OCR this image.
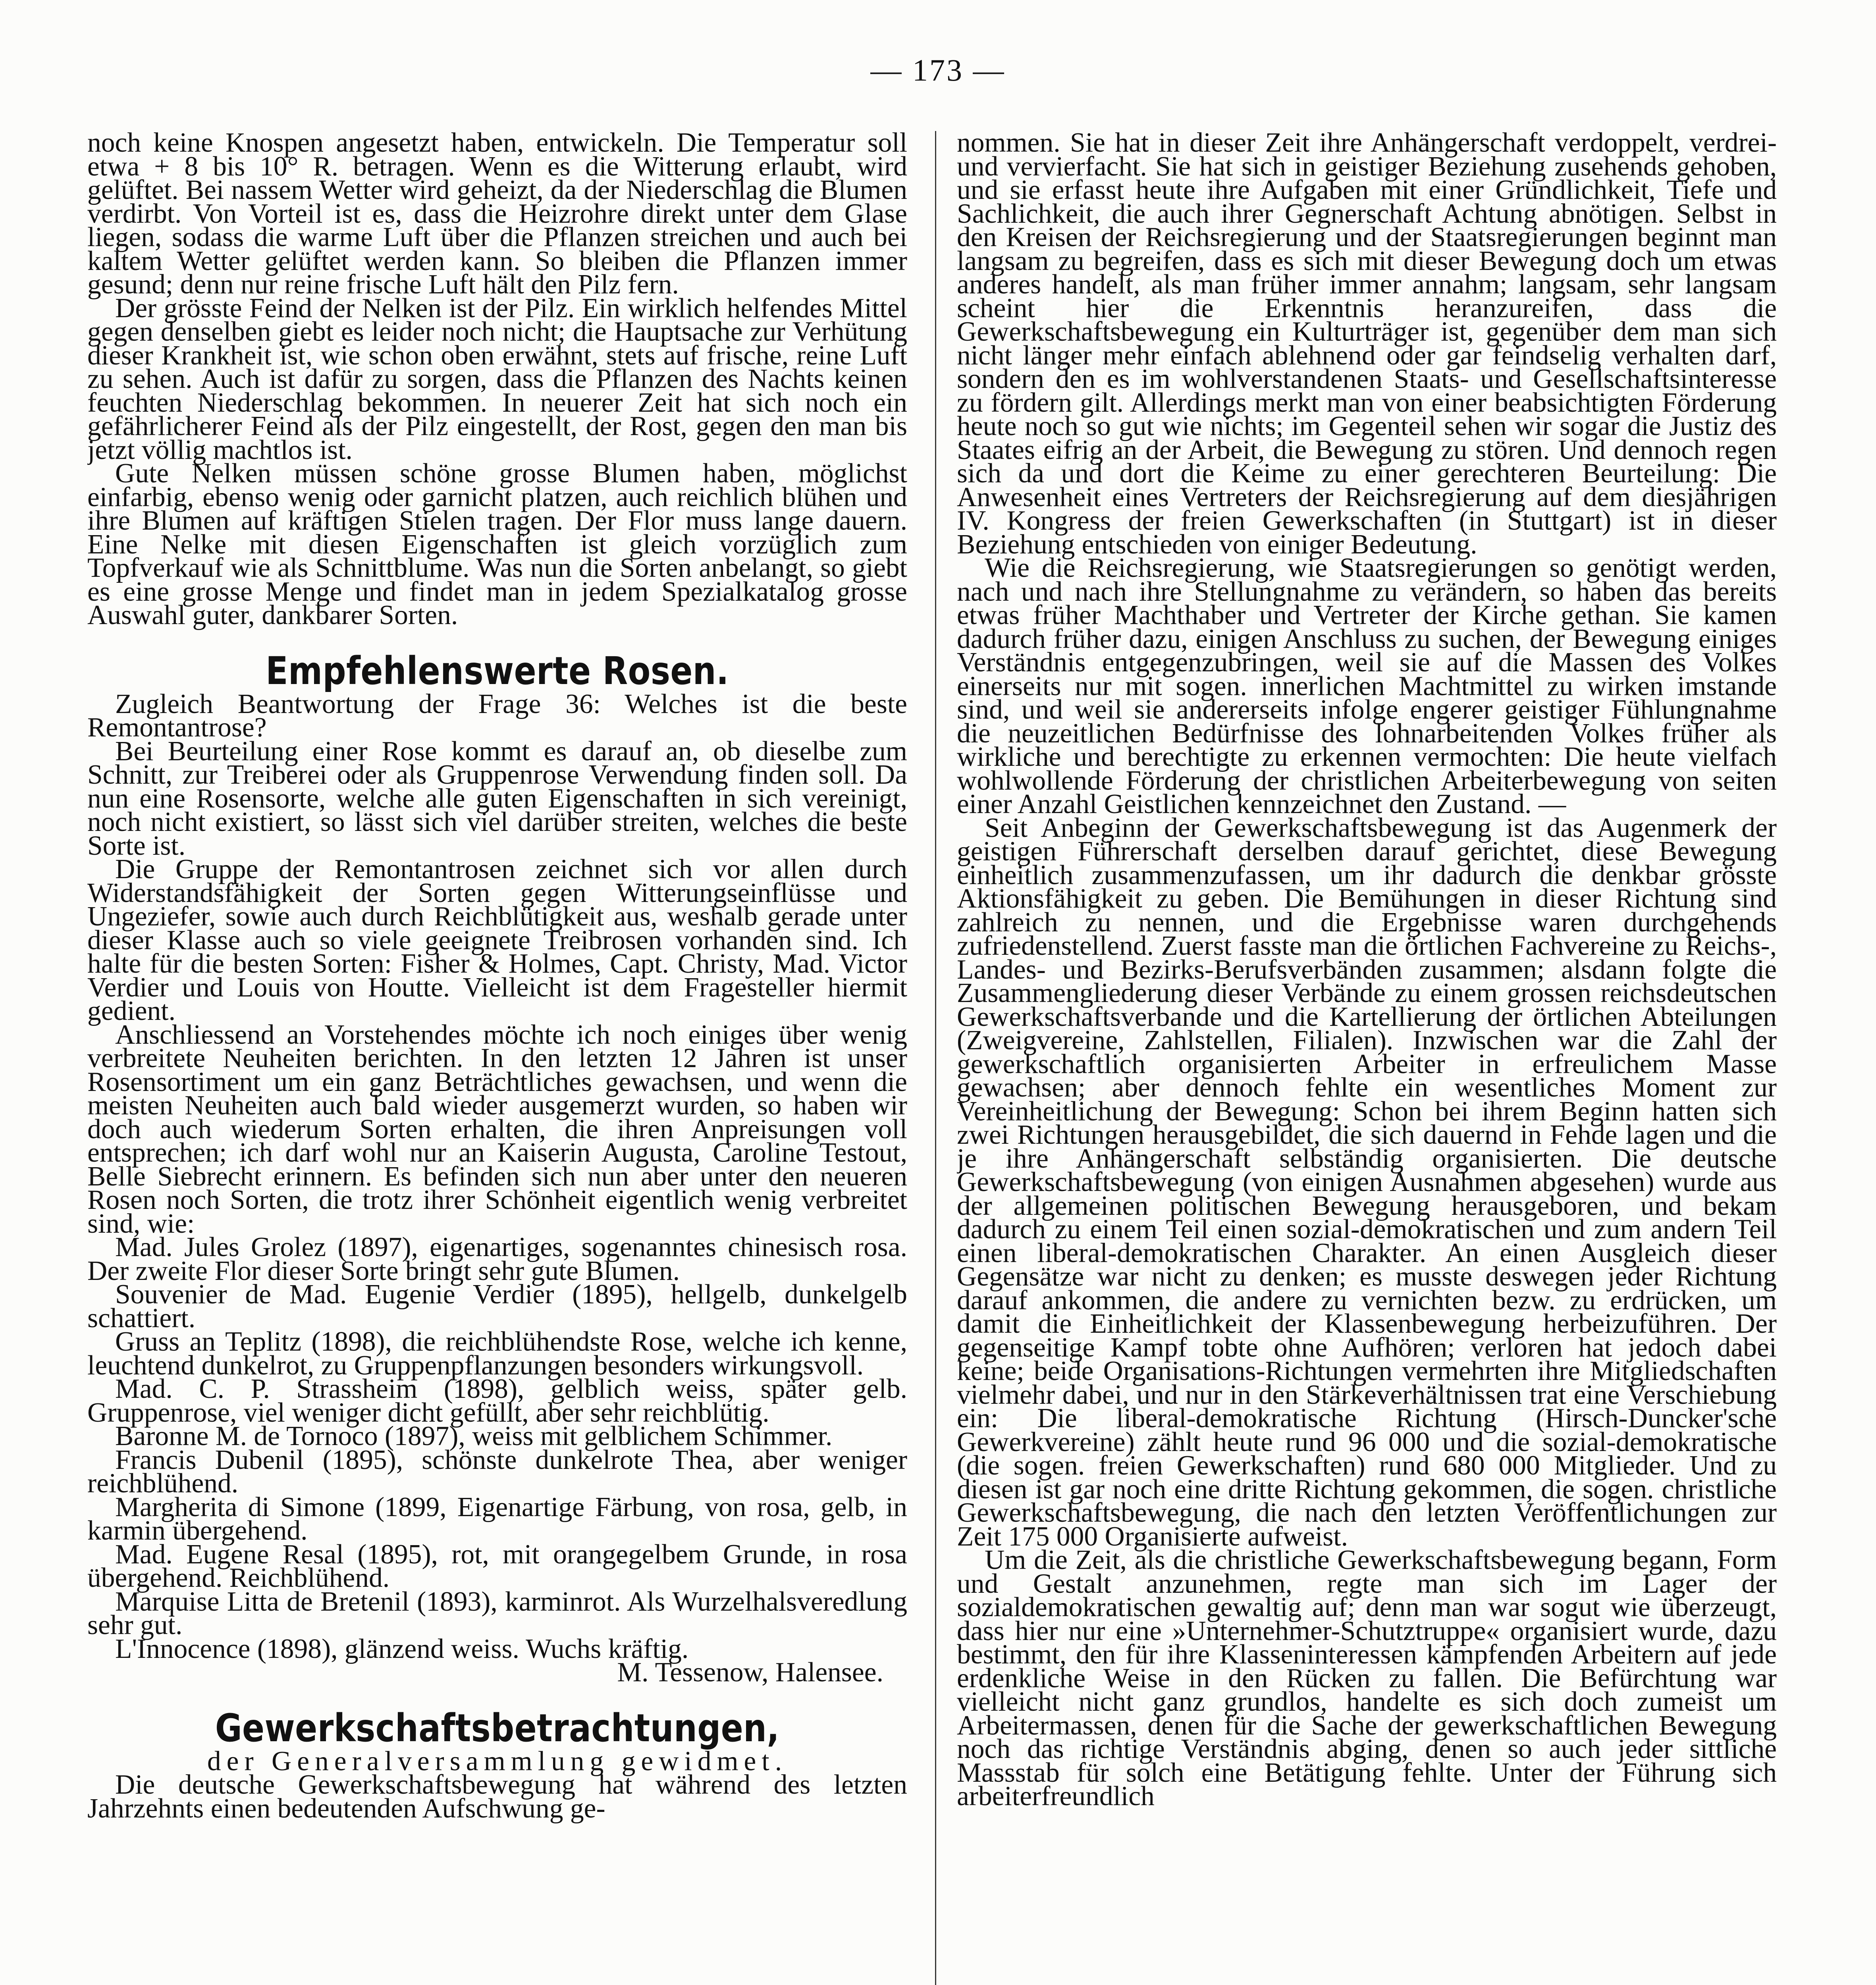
— 173 —

noch keine Knospen angesetzt haben, entwickeln. Die Temperatur soll etwa + 8 bis 10° R. betragen. Wenn es die Witterung erlaubt, wird gelüftet. Bei nassem Wetter wird geheizt, da der Niederschlag die Blumen verdirbt. Von Vorteil ist es, dass die Heizrohre direkt unter dem Glase liegen, sodass die warme Luft über die Pflanzen streichen und auch bei kaltem Wetter gelüftet werden kann. So bleiben die Pflanzen immer gesund; denn nur reine frische Luft hält den Pilz fern.

Der grösste Feind der Nelken ist der Pilz. Ein wirklich helfendes Mittel gegen denselben giebt es leider noch nicht; die Hauptsache zur Verhütung dieser Krankheit ist, wie schon oben erwähnt, stets auf frische, reine Luft zu sehen. Auch ist dafür zu sorgen, dass die Pflanzen des Nachts keinen feuchten Niederschlag bekommen. In neuerer Zeit hat sich noch ein gefährlicherer Feind als der Pilz eingestellt, der Rost, gegen den man bis jetzt völlig machtlos ist.

Gute Nelken müssen schöne grosse Blumen haben, möglichst einfarbig, ebenso wenig oder garnicht platzen, auch reichlich blühen und ihre Blumen auf kräftigen Stielen tragen. Der Flor muss lange dauern. Eine Nelke mit diesen Eigenschaften ist gleich vorzüglich zum Topfverkauf wie als Schnittblume. Was nun die Sorten anbelangt, so giebt es eine grosse Menge und findet man in jedem Spezialkatalog grosse Auswahl guter, dankbarer Sorten.

Empfehlenswerte Rosen.

Zugleich Beantwortung der Frage 36: Welches ist die beste Remontantrose?

Bei Beurteilung einer Rose kommt es darauf an, ob dieselbe zum Schnitt, zur Treiberei oder als Gruppenrose Verwendung finden soll. Da nun eine Rosensorte, welche alle guten Eigenschaften in sich vereinigt, noch nicht existiert, so lässt sich viel darüber streiten, welches die beste Sorte ist.

Die Gruppe der Remontantrosen zeichnet sich vor allen durch Widerstandsfähigkeit der Sorten gegen Witterungseinflüsse und Ungeziefer, sowie auch durch Reichblütigkeit aus, weshalb gerade unter dieser Klasse auch so viele geeignete Treibrosen vorhanden sind. Ich halte für die besten Sorten: Fisher & Holmes, Capt. Christy, Mad. Victor Verdier und Louis von Houtte. Vielleicht ist dem Fragesteller hiermit gedient.

Anschliessend an Vorstehendes möchte ich noch einiges über wenig verbreitete Neuheiten berichten. In den letzten 12 Jahren ist unser Rosensortiment um ein ganz Beträchtliches gewachsen, und wenn die meisten Neuheiten auch bald wieder ausgemerzt wurden, so haben wir doch auch wiederum Sorten erhalten, die ihren Anpreisungen voll entsprechen; ich darf wohl nur an Kaiserin Augusta, Caroline Testout, Belle Siebrecht erinnern. Es befinden sich nun aber unter den neueren Rosen noch Sorten, die trotz ihrer Schönheit eigentlich wenig verbreitet sind, wie:

Mad. Jules Grolez (1897), eigenartiges, sogenanntes chinesisch rosa. Der zweite Flor dieser Sorte bringt sehr gute Blumen.

Souvenier de Mad. Eugenie Verdier (1895), hellgelb, dunkelgelb schattiert.

Gruss an Teplitz (1898), die reichblühendste Rose, welche ich kenne, leuchtend dunkelrot, zu Gruppenpflanzungen besonders wirkungsvoll.

Mad. C. P. Strassheim (1898), gelblich weiss, später gelb. Gruppenrose, viel weniger dicht gefüllt, aber sehr reichblütig.

Baronne M. de Tornoco (1897), weiss mit gelblichem Schimmer.

Francis Dubenil (1895), schönste dunkelrote Thea, aber weniger reichblühend.

Margherita di Simone (1899, Eigenartige Färbung, von rosa, gelb, in karmin übergehend.

Mad. Eugene Resal (1895), rot, mit orangegelbem Grunde, in rosa übergehend. Reichblühend.

Marquise Litta de Bretenil (1893), karminrot. Als Wurzelhalsveredlung sehr gut.

L'Innocence (1898), glänzend weiss. Wuchs kräftig.

M. Tessenow, Halensee.

Gewerkschaftsbetrachtungen,

der Generalversammlung gewidmet.

Die deutsche Gewerkschaftsbewegung hat während des letzten Jahrzehnts einen bedeutenden Aufschwung ge-

nommen. Sie hat in dieser Zeit ihre Anhängerschaft verdoppelt, verdrei- und vervierfacht. Sie hat sich in geistiger Beziehung zusehends gehoben, und sie erfasst heute ihre Aufgaben mit einer Gründlichkeit, Tiefe und Sachlichkeit, die auch ihrer Gegnerschaft Achtung abnötigen. Selbst in den Kreisen der Reichsregierung und der Staatsregierungen beginnt man langsam zu begreifen, dass es sich mit dieser Bewegung doch um etwas anderes handelt, als man früher immer annahm; langsam, sehr langsam scheint hier die Erkenntnis heranzureifen, dass die Gewerkschaftsbewegung ein Kulturträger ist, gegenüber dem man sich nicht länger mehr einfach ablehnend oder gar feindselig verhalten darf, sondern den es im wohlverstandenen Staats- und Gesellschaftsinteresse zu fördern gilt. Allerdings merkt man von einer beabsichtigten Förderung heute noch so gut wie nichts; im Gegenteil sehen wir sogar die Justiz des Staates eifrig an der Arbeit, die Bewegung zu stören. Und dennoch regen sich da und dort die Keime zu einer gerechteren Beurteilung: Die Anwesenheit eines Vertreters der Reichsregierung auf dem diesjährigen IV. Kongress der freien Gewerkschaften (in Stuttgart) ist in dieser Beziehung entschieden von einiger Bedeutung.

Wie die Reichsregierung, wie Staatsregierungen so genötigt werden, nach und nach ihre Stellungnahme zu verändern, so haben das bereits etwas früher Machthaber und Vertreter der Kirche gethan. Sie kamen dadurch früher dazu, einigen Anschluss zu suchen, der Bewegung einiges Verständnis entgegenzubringen, weil sie auf die Massen des Volkes einerseits nur mit sogen. innerlichen Machtmittel zu wirken imstande sind, und weil sie andererseits infolge engerer geistiger Fühlungnahme die neuzeitlichen Bedürfnisse des lohnarbeitenden Volkes früher als wirkliche und berechtigte zu erkennen vermochten: Die heute vielfach wohlwollende Förderung der christlichen Arbeiterbewegung von seiten einer Anzahl Geistlichen kennzeichnet den Zustand. —

Seit Anbeginn der Gewerkschaftsbewegung ist das Augenmerk der geistigen Führerschaft derselben darauf gerichtet, diese Bewegung einheitlich zusammenzufassen, um ihr dadurch die denkbar grösste Aktionsfähigkeit zu geben. Die Bemühungen in dieser Richtung sind zahlreich zu nennen, und die Ergebnisse waren durchgehends zufriedenstellend. Zuerst fasste man die örtlichen Fachvereine zu Reichs-, Landes- und Bezirks-Berufsverbänden zusammen; alsdann folgte die Zusammengliederung dieser Verbände zu einem grossen reichsdeutschen Gewerkschaftsverbande und die Kartellierung der örtlichen Abteilungen (Zweigvereine, Zahlstellen, Filialen). Inzwischen war die Zahl der gewerkschaftlich organisierten Arbeiter in erfreulichem Masse gewachsen; aber dennoch fehlte ein wesentliches Moment zur Vereinheitlichung der Bewegung: Schon bei ihrem Beginn hatten sich zwei Richtungen herausgebildet, die sich dauernd in Fehde lagen und die je ihre Anhängerschaft selbständig organisierten. Die deutsche Gewerkschaftsbewegung (von einigen Ausnahmen abgesehen) wurde aus der allgemeinen politischen Bewegung herausgeboren, und bekam dadurch zu einem Teil einen sozial-demokratischen und zum andern Teil einen liberal-demokratischen Charakter. An einen Ausgleich dieser Gegensätze war nicht zu denken; es musste deswegen jeder Richtung darauf ankommen, die andere zu vernichten bezw. zu erdrücken, um damit die Einheitlichkeit der Klassenbewegung herbeizuführen. Der gegenseitige Kampf tobte ohne Aufhören; verloren hat jedoch dabei keine; beide Organisations-Richtungen vermehrten ihre Mitgliedschaften vielmehr dabei, und nur in den Stärkeverhältnissen trat eine Verschiebung ein: Die liberal-demokratische Richtung (Hirsch-Duncker'sche Gewerkvereine) zählt heute rund 96 000 und die sozial-demokratische (die sogen. freien Gewerkschaften) rund 680 000 Mitglieder. Und zu diesen ist gar noch eine dritte Richtung gekommen, die sogen. christliche Gewerkschaftsbewegung, die nach den letzten Veröffentlichungen zur Zeit 175 000 Organisierte aufweist.

Um die Zeit, als die christliche Gewerkschaftsbewegung begann, Form und Gestalt anzunehmen, regte man sich im Lager der sozialdemokratischen gewaltig auf; denn man war sogut wie überzeugt, dass hier nur eine »Unternehmer-Schutztruppe« organisiert wurde, dazu bestimmt, den für ihre Klasseninteressen kämpfenden Arbeitern auf jede erdenkliche Weise in den Rücken zu fallen. Die Befürchtung war vielleicht nicht ganz grundlos, handelte es sich doch zumeist um Arbeitermassen, denen für die Sache der gewerkschaftlichen Bewegung noch das richtige Verständnis abging, denen so auch jeder sittliche Massstab für solch eine Betätigung fehlte. Unter der Führung sich arbeiterfreundlich
